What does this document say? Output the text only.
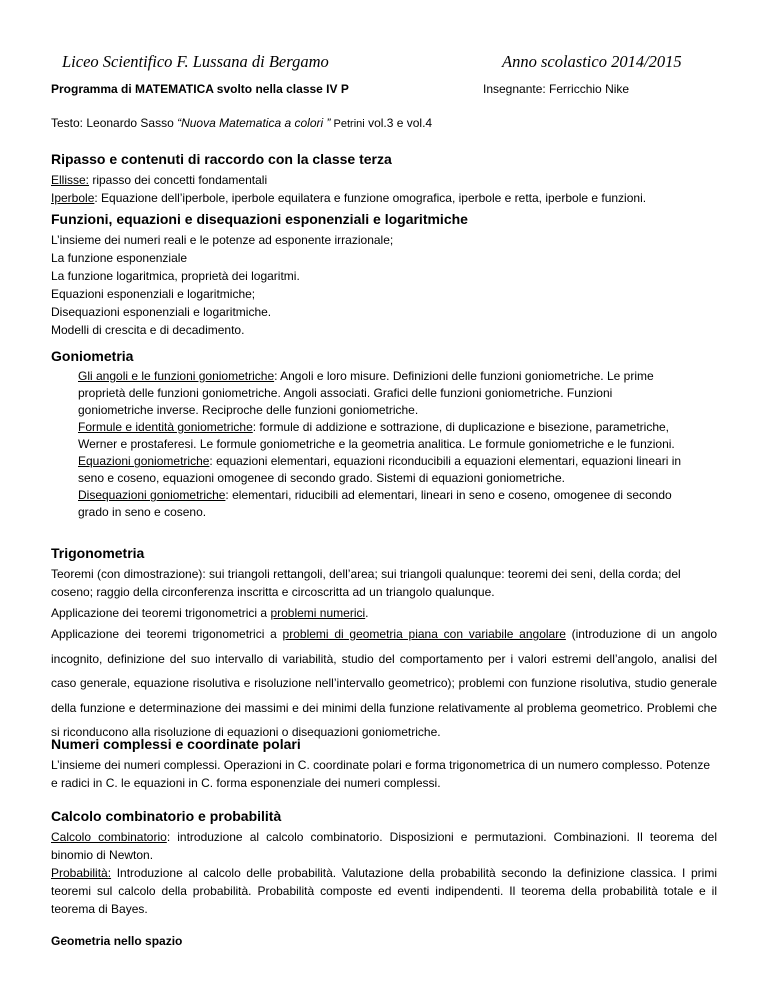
Liceo Scientifico F. Lussana di Bergamo	Anno scolastico 2014/2015
Programma di MATEMATICA svolto nella classe IV P	Insegnante: Ferricchio Nike
Testo: Leonardo Sasso “Nuova Matematica a colori ” Petrini vol.3 e vol.4
Ripasso e contenuti di raccordo con la classe terza

Ellisse: ripasso dei concetti fondamentali

Iperbole: Equazione dell’iperbole, iperbole equilatera e funzione omografica, iperbole e retta, iperbole e funzioni.

Funzioni, equazioni e disequazioni esponenziali e logaritmiche

L’insieme dei numeri reali e le potenze ad esponente irrazionale;

La funzione esponenziale

La funzione logaritmica, proprietà dei logaritmi.

Equazioni esponenziali e logaritmiche;

Disequazioni esponenziali e logaritmiche.

Modelli di crescita e di decadimento.

Goniometria

Gli angoli e le funzioni goniometriche: Angoli e loro misure. Definizioni delle funzioni goniometriche. Le prime proprietà delle funzioni goniometriche. Angoli associati. Grafici delle funzioni goniometriche. Funzioni goniometriche inverse. Reciproche delle funzioni goniometriche.

Formule e identità goniometriche: formule di addizione e sottrazione, di duplicazione e bisezione, parametriche, Werner e prostaferesi. Le formule goniometriche e la geometria analitica. Le formule goniometriche e le funzioni.

Equazioni goniometriche: equazioni elementari, equazioni riconducibili a equazioni elementari, equazioni lineari in seno e coseno, equazioni omogenee di secondo grado. Sistemi di equazioni goniometriche.

Disequazioni goniometriche: elementari, riducibili ad elementari, lineari in seno e coseno, omogenee di secondo grado in seno e coseno.

Trigonometria

Teoremi (con dimostrazione): sui triangoli rettangoli, dell’area; sui triangoli qualunque: teoremi dei seni, della corda; del coseno; raggio della circonferenza inscritta e circoscritta ad un triangolo qualunque.

Applicazione dei teoremi trigonometrici a problemi numerici.

Applicazione dei teoremi trigonometrici a problemi di geometria piana con variabile angolare (introduzione di un angolo incognito, definizione del suo intervallo di variabilità, studio del comportamento per i valori estremi dell’angolo, analisi del caso generale, equazione risolutiva e risoluzione nell’intervallo geometrico); problemi con funzione risolutiva, studio generale della funzione e determinazione dei massimi e dei minimi della funzione relativamente al problema geometrico. Problemi che si riconducono alla risoluzione di equazioni o disequazioni goniometriche.

Numeri complessi e coordinate polari

L’insieme dei numeri complessi. Operazioni in C. coordinate polari e forma trigonometrica di un numero complesso. Potenze e radici in C. le equazioni in C. forma esponenziale dei numeri complessi.

Calcolo combinatorio e probabilità

Calcolo combinatorio: introduzione al calcolo combinatorio. Disposizioni e permutazioni. Combinazioni. Il teorema del binomio di Newton.

Probabilità: Introduzione al calcolo delle probabilità. Valutazione della probabilità secondo la definizione classica. I primi teoremi sul calcolo della probabilità. Probabilità composte ed eventi indipendenti. Il teorema della probabilità totale e il teorema di Bayes.

Geometria nello spazio
